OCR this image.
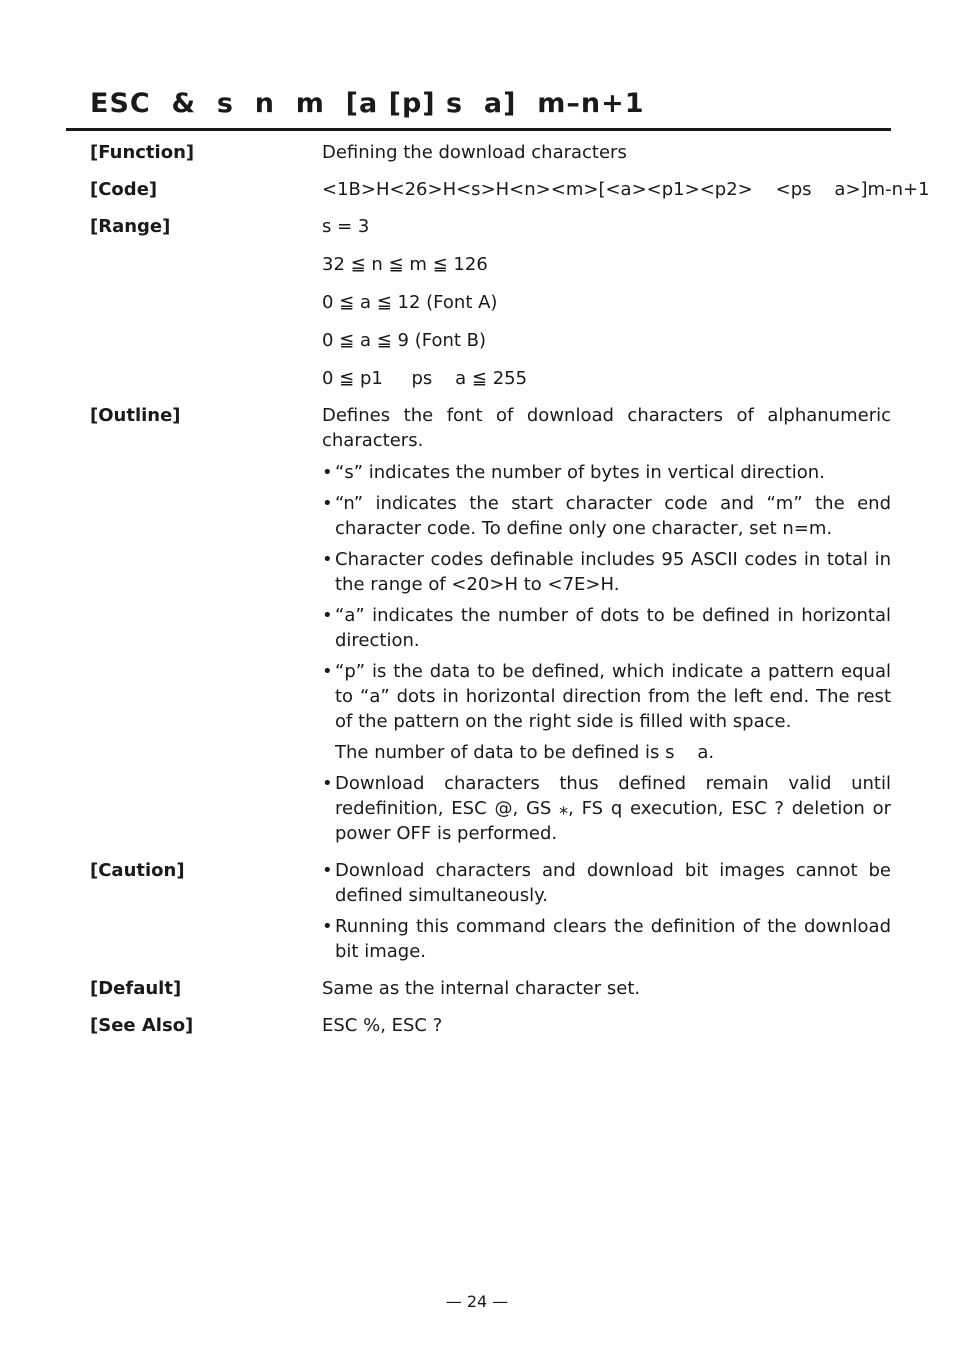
ESC  &  s  n  m  [a [p] s  a]  m–n+1
[Function]	Defining the download characters
[Code]	<1B>H<26>H<s>H<n><m>[<a><p1><p2>    <ps    a>]m-n+1
[Range]	s = 3
32 ≦ n ≦ m ≦ 126
0 ≦ a ≦ 12 (Font A)
0 ≦ a ≦ 9 (Font B)
0 ≦ p1     ps    a ≦ 255
[Outline]	Defines the font of download characters of alphanumeric characters.
• “s” indicates the number of bytes in vertical direction.
• “n” indicates the start character code and “m” the end character code. To define only one character, set n=m.
• Character codes definable includes 95 ASCII codes in total in the range of <20>H to <7E>H.
• “a” indicates the number of dots to be defined in horizontal direction.
• “p” is the data to be defined, which indicate a pattern equal to “a” dots in horizontal direction from the left end. The rest of the pattern on the right side is filled with space.
The number of data to be defined is s    a.
• Download characters thus defined remain valid until redefinition, ESC @, GS ⁎, FS q execution, ESC ? deletion or power OFF is performed.
[Caution]	• Download characters and download bit images cannot be defined simultaneously.
• Running this command clears the definition of the download bit image.
[Default]	Same as the internal character set.
[See Also]	ESC %, ESC ?
— 24 —
